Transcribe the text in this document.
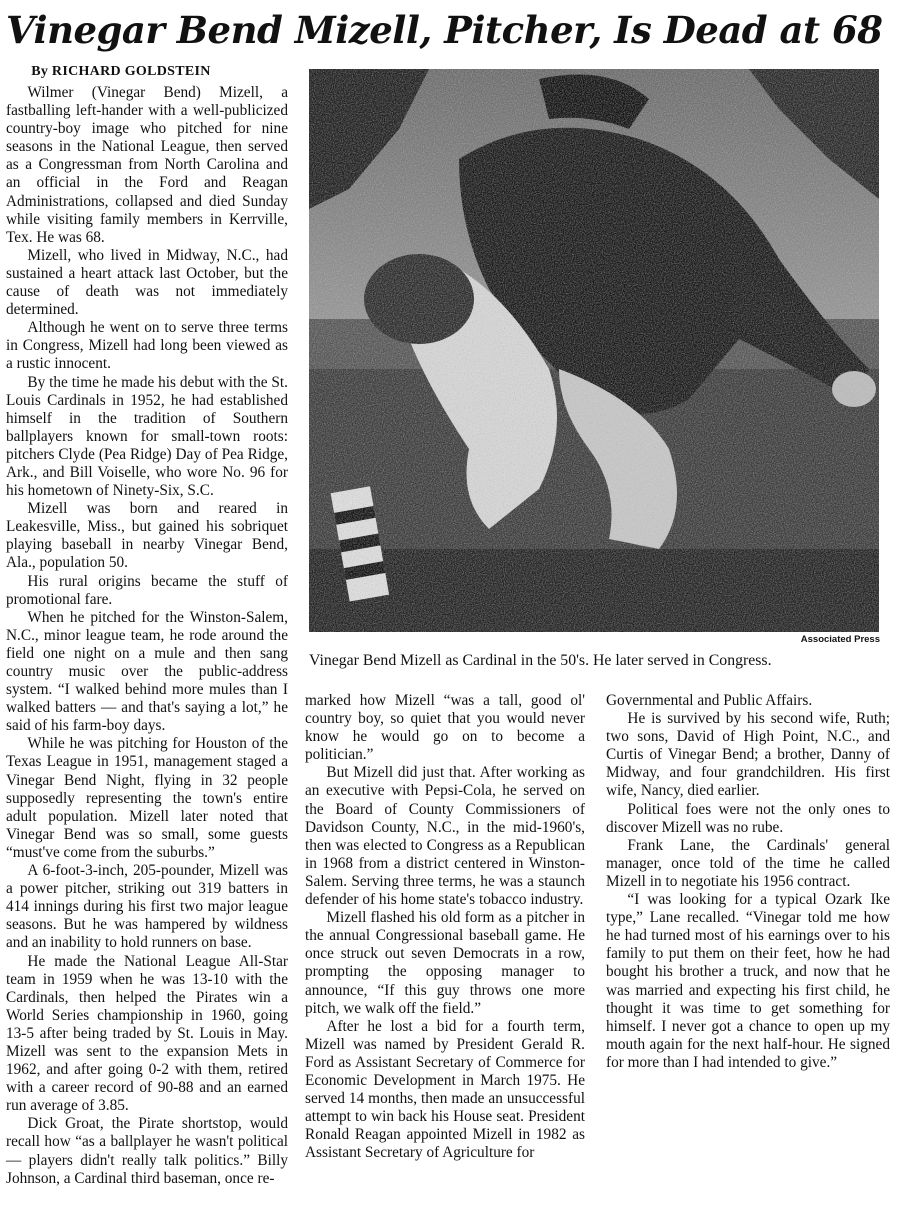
Vinegar Bend Mizell, Pitcher, Is Dead at 68

By RICHARD GOLDSTEIN

Wilmer (Vinegar Bend) Mizell, a fastballing left-hander with a well-publicized country-boy image who pitched for nine seasons in the National League, then served as a Congressman from North Carolina and an official in the Ford and Reagan Administrations, collapsed and died Sunday while visiting family members in Kerrville, Tex. He was 68.

Mizell, who lived in Midway, N.C., had sustained a heart attack last October, but the cause of death was not immediately determined.

Although he went on to serve three terms in Congress, Mizell had long been viewed as a rustic innocent.

By the time he made his debut with the St. Louis Cardinals in 1952, he had established himself in the tradition of Southern ballplayers known for small-town roots: pitchers Clyde (Pea Ridge) Day of Pea Ridge, Ark., and Bill Voiselle, who wore No. 96 for his hometown of Ninety-Six, S.C.

Mizell was born and reared in Leakesville, Miss., but gained his sobriquet playing baseball in nearby Vinegar Bend, Ala., population 50.

His rural origins became the stuff of promotional fare.

When he pitched for the Winston-Salem, N.C., minor league team, he rode around the field one night on a mule and then sang country music over the public-address system. “I walked behind more mules than I walked batters — and that's saying a lot,” he said of his farm-boy days.

While he was pitching for Houston of the Texas League in 1951, management staged a Vinegar Bend Night, flying in 32 people supposedly representing the town's entire adult population. Mizell later noted that Vinegar Bend was so small, some guests “must've come from the suburbs.”

A 6-foot-3-inch, 205-pounder, Mizell was a power pitcher, striking out 319 batters in 414 innings during his first two major league seasons. But he was hampered by wildness and an inability to hold runners on base.

He made the National League All-Star team in 1959 when he was 13-10 with the Cardinals, then helped the Pirates win a World Series championship in 1960, going 13-5 after being traded by St. Louis in May. Mizell was sent to the expansion Mets in 1962, and after going 0-2 with them, retired with a career record of 90-88 and an earned run average of 3.85.

Dick Groat, the Pirate shortstop, would recall how “as a ballplayer he wasn't political — players didn't really talk politics.” Billy Johnson, a Cardinal third baseman, once re-

Associated Press
Vinegar Bend Mizell as Cardinal in the 50's. He later served in Congress.

marked how Mizell “was a tall, good ol' country boy, so quiet that you would never know he would go on to become a politician.”

But Mizell did just that. After working as an executive with Pepsi-Cola, he served on the Board of County Commissioners of Davidson County, N.C., in the mid-1960's, then was elected to Congress as a Republican in 1968 from a district centered in Winston-Salem. Serving three terms, he was a staunch defender of his home state's tobacco industry.

Mizell flashed his old form as a pitcher in the annual Congressional baseball game. He once struck out seven Democrats in a row, prompting the opposing manager to announce, “If this guy throws one more pitch, we walk off the field.”

After he lost a bid for a fourth term, Mizell was named by President Gerald R. Ford as Assistant Secretary of Commerce for Economic Development in March 1975. He served 14 months, then made an unsuccessful attempt to win back his House seat. President Ronald Reagan appointed Mizell in 1982 as Assistant Secretary of Agriculture for

Governmental and Public Affairs.

He is survived by his second wife, Ruth; two sons, David of High Point, N.C., and Curtis of Vinegar Bend; a brother, Danny of Midway, and four grandchildren. His first wife, Nancy, died earlier.

Political foes were not the only ones to discover Mizell was no rube.

Frank Lane, the Cardinals' general manager, once told of the time he called Mizell in to negotiate his 1956 contract.

“I was looking for a typical Ozark Ike type,” Lane recalled. “Vinegar told me how he had turned most of his earnings over to his family to put them on their feet, how he had bought his brother a truck, and now that he was married and expecting his first child, he thought it was time to get something for himself. I never got a chance to open up my mouth again for the next half-hour. He signed for more than I had intended to give.”
